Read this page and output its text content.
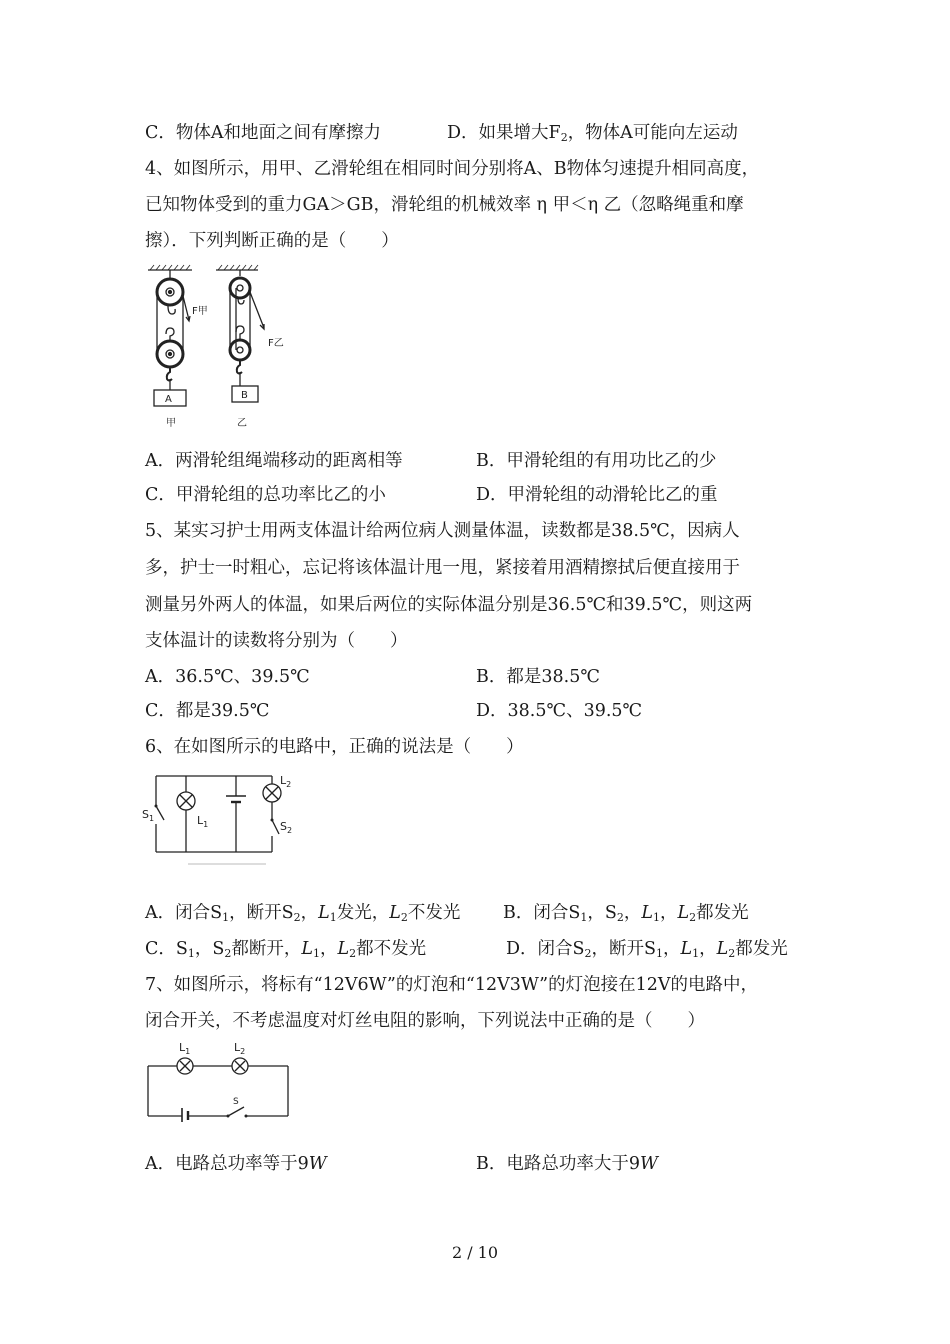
C．物体A和地面之间有摩擦力	D．如果增大$F_2$，物体A可能向左运动
4、如图所示，用甲、乙滑轮组在相同时间分别将A、B物体匀速提升相同高度，
已知物体受到的重力GA＞GB，滑轮组的机械效率 η 甲＜η 乙（忽略绳重和摩
擦）．下列判断正确的是（　　）
F甲
A
甲
F乙
B
乙
A．两滑轮组绳端移动的距离相等	B．甲滑轮组的有用功比乙的少
C．甲滑轮组的总功率比乙的小	D．甲滑轮组的动滑轮比乙的重
5、某实习护士用两支体温计给两位病人测量体温，读数都是38.5℃，因病人
多，护士一时粗心，忘记将该体温计甩一甩，紧接着用酒精擦拭后便直接用于
测量另外两人的体温，如果后两位的实际体温分别是36.5℃和39.5℃，则这两
支体温计的读数将分别为（　　）
A．36.5℃、39.5℃	B．都是38.5℃
C．都是39.5℃	D．38.5℃、39.5℃
6、在如图所示的电路中，正确的说法是（　　）
$S_1$	$L_1$
$L_2$
$S_2$
A．闭合$S_1$，断开$S_2$，$L_1$发光，$L_2$不发光 B．闭合$S_1$，$S_2$，$L_1$，$L_2$都发光
C．$S_1$，$S_2$都断开，$L_1$，$L_2$都不发光	D．闭合$S_2$，断开$S_1$，$L_1$，$L_2$都发光
7、如图所示，将标有“12V6W”的灯泡和“12V3W”的灯泡接在12V的电路中，
闭合开关，不考虑温度对灯丝电阻的影响，下列说法中正确的是（　　）
$L_1$	$L_2$
S
A．电路总功率等于9W	B．电路总功率大于9W
2 / 10
